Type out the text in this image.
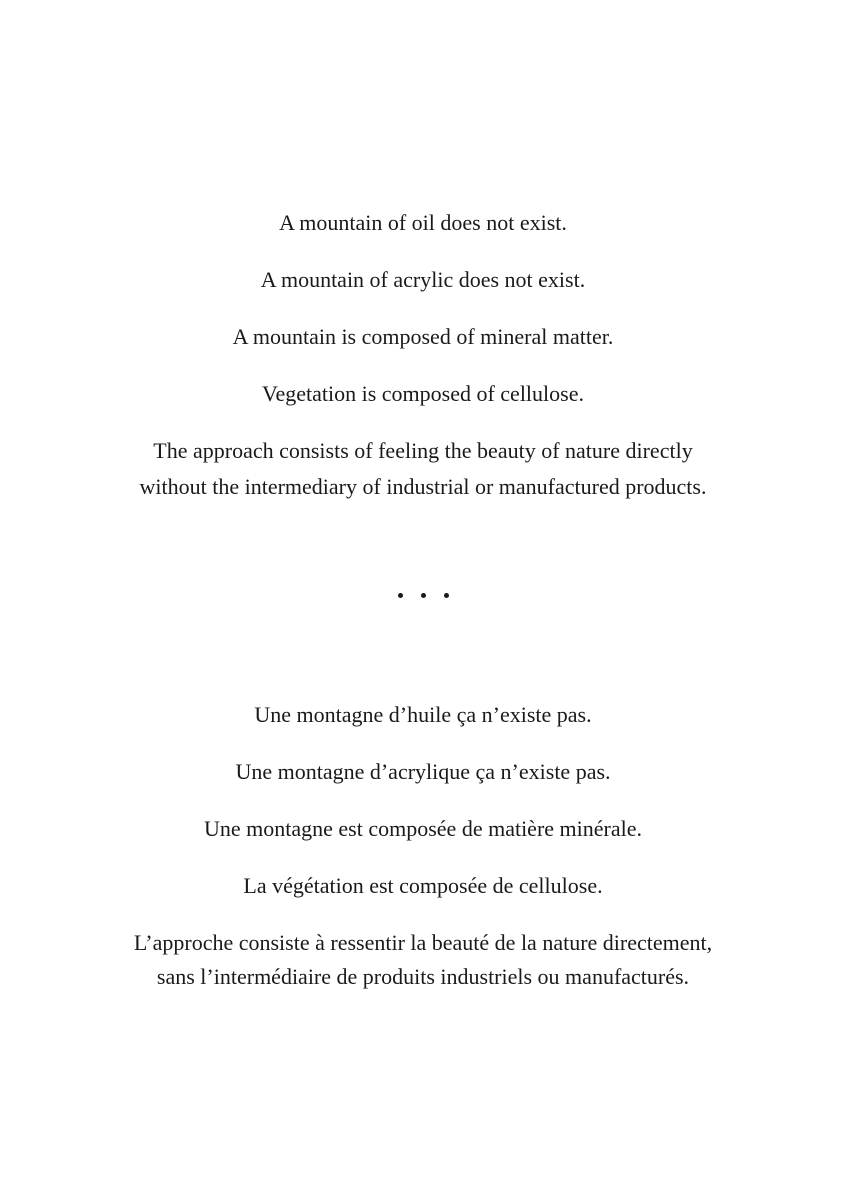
A mountain of oil does not exist.
A mountain of acrylic does not exist.
A mountain is composed of mineral matter.
Vegetation is composed of cellulose.
The approach consists of feeling the beauty of nature directly
without the intermediary of industrial or manufactured products.
Une montagne d’huile ça n’existe pas.
Une montagne d’acrylique ça n’existe pas.
Une montagne est composée de matière minérale.
La végétation est composée de cellulose.
L’approche consiste à ressentir la beauté de la nature directement,
sans l’intermédiaire de produits industriels ou manufacturés.
